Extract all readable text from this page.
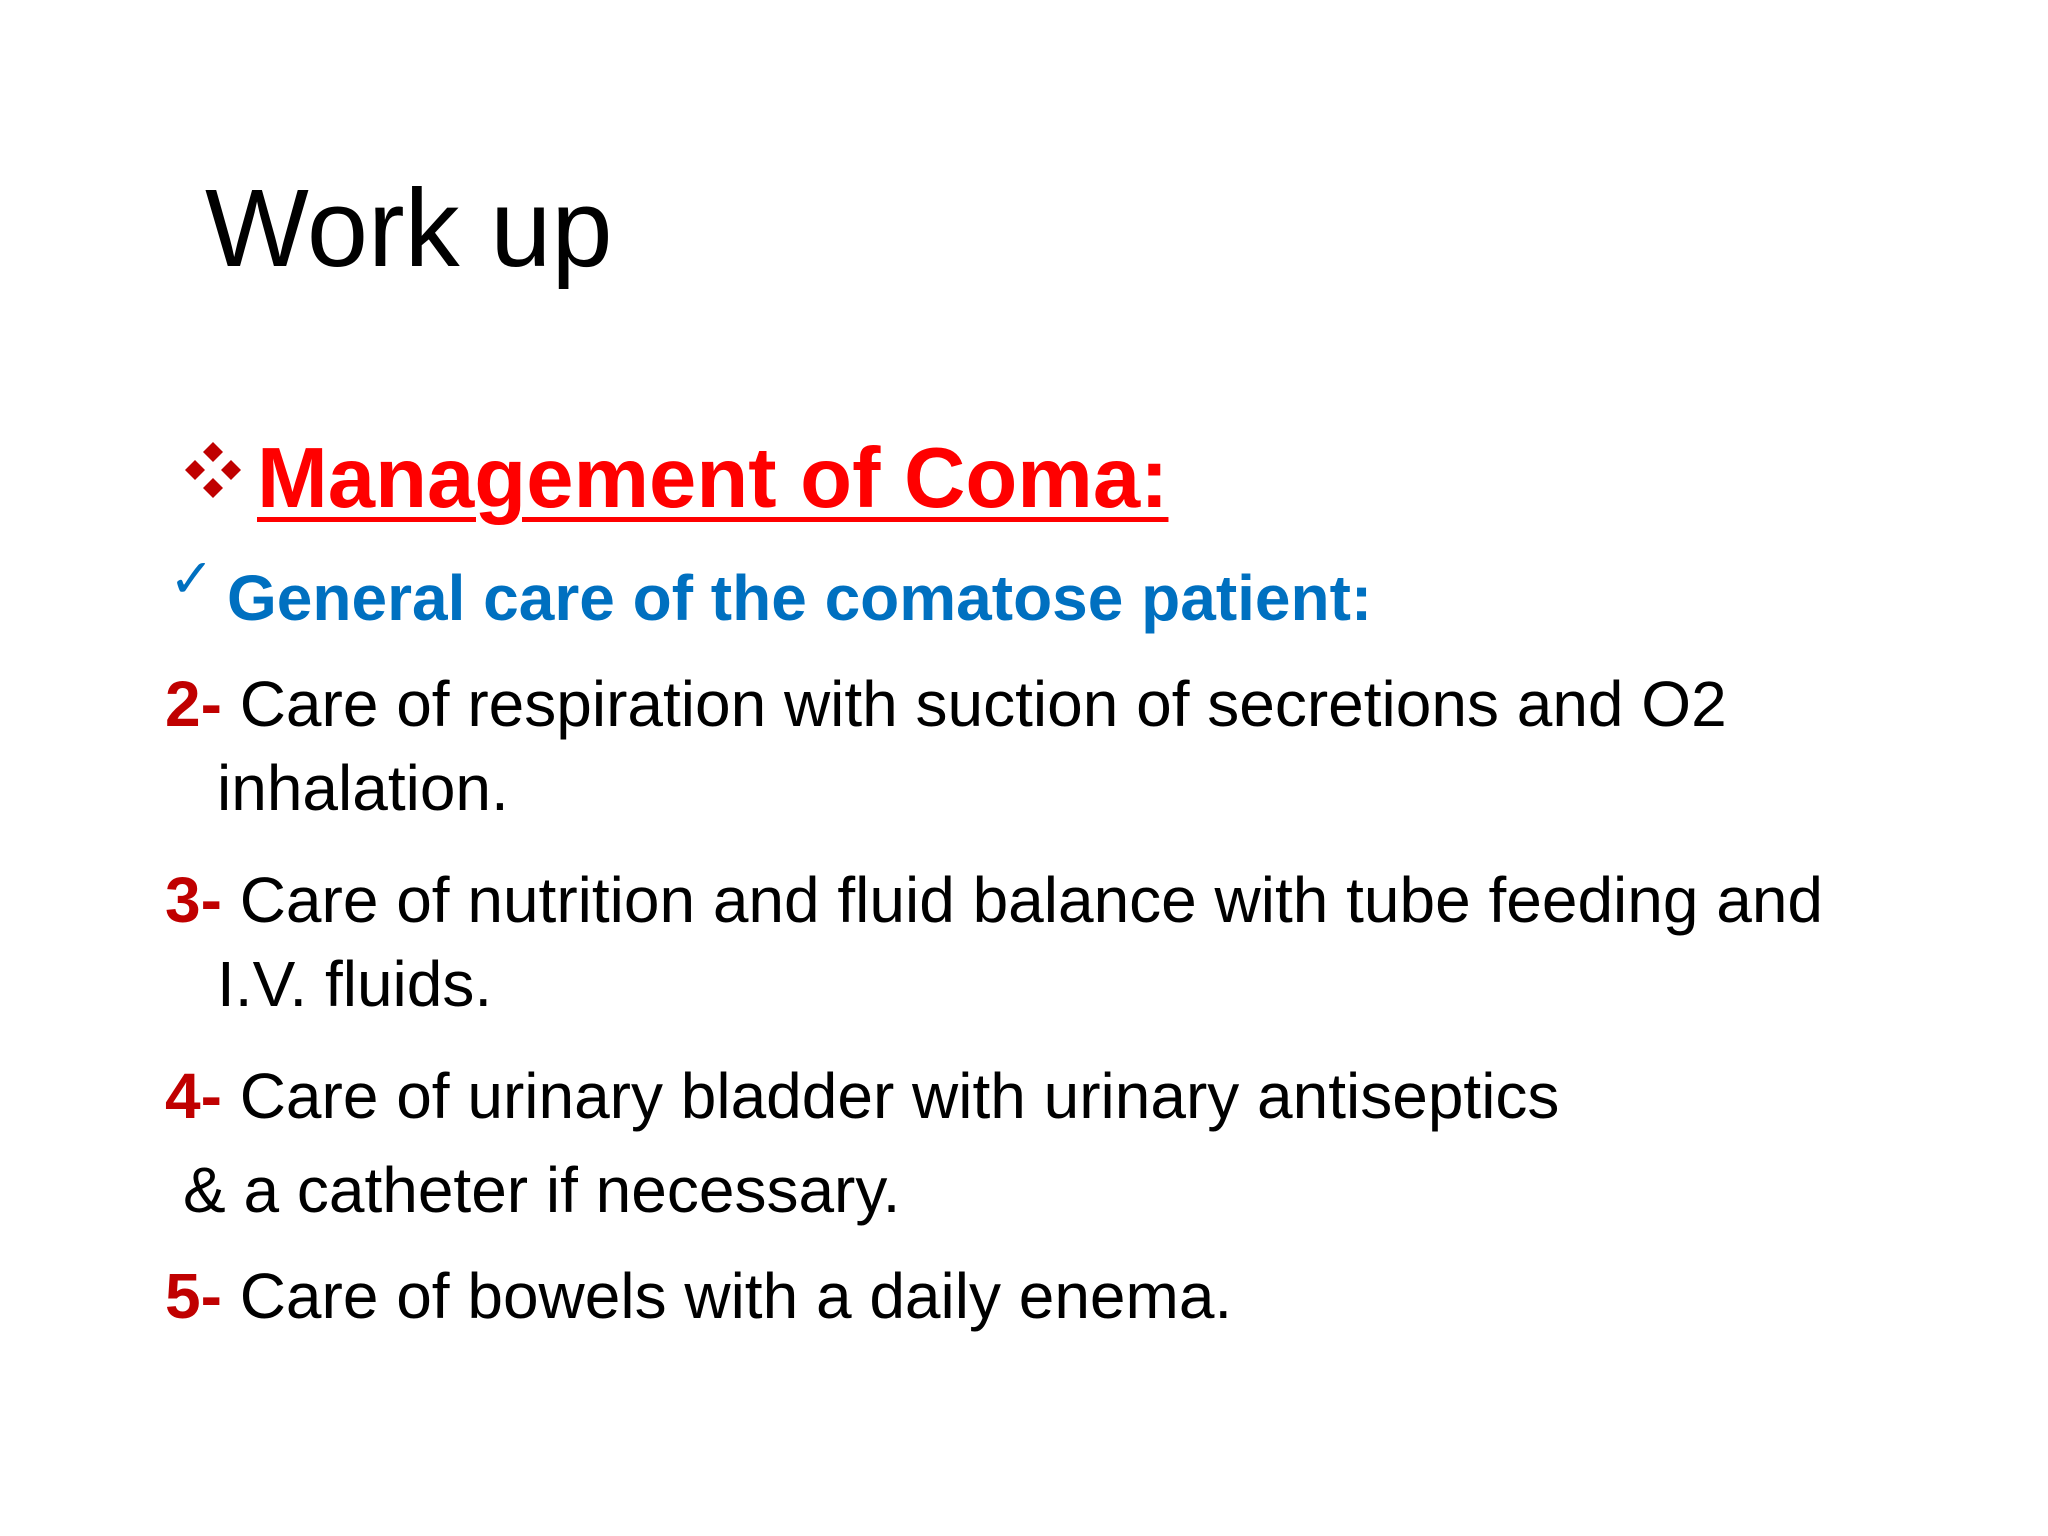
Work up
Management of Coma:
✓ General care of the comatose patient:
2- Care of respiration with suction of secretions and O2 inhalation.
3- Care of nutrition and fluid balance with tube feeding and I.V. fluids.
4- Care of urinary bladder with urinary antiseptics
& a catheter if necessary.
5- Care of bowels with a daily enema.
